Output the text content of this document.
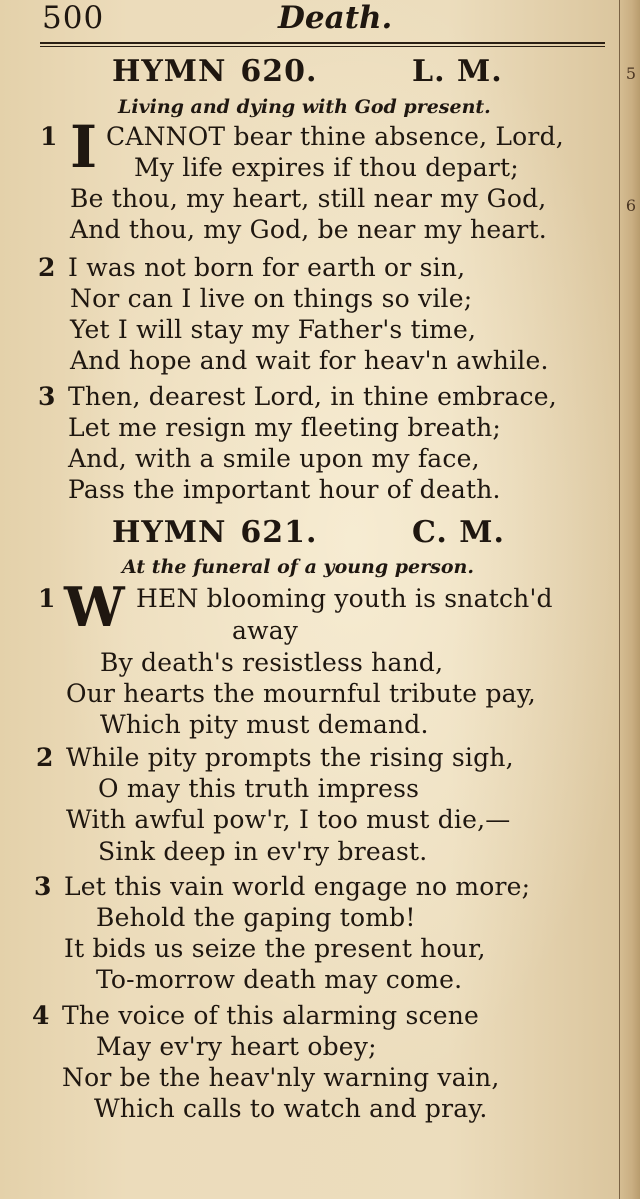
5
6
500	Death.
HYMN 620.	L. M.
Living and dying with God present.
1 I CANNOT bear thine absence, Lord,
My life expires if thou depart;
Be thou, my heart, still near my God,
And thou, my God, be near my heart.
2 I was not born for earth or sin,
Nor can I live on things so vile;
Yet I will stay my Father's time,
And hope and wait for heav'n awhile.
3 Then, dearest Lord, in thine embrace,
Let me resign my fleeting breath;
And, with a smile upon my face,
Pass the important hour of death.
HYMN 621.	C. M.
At the funeral of a young person.
1 W HEN blooming youth is snatch'd
away
By death's resistless hand,
Our hearts the mournful tribute pay,
Which pity must demand.
2 While pity prompts the rising sigh,
O may this truth impress
With awful pow'r, I too must die,—
Sink deep in ev'ry breast.
3 Let this vain world engage no more;
Behold the gaping tomb!
It bids us seize the present hour,
To-morrow death may come.
4 The voice of this alarming scene
May ev'ry heart obey;
Nor be the heav'nly warning vain,
Which calls to watch and pray.
